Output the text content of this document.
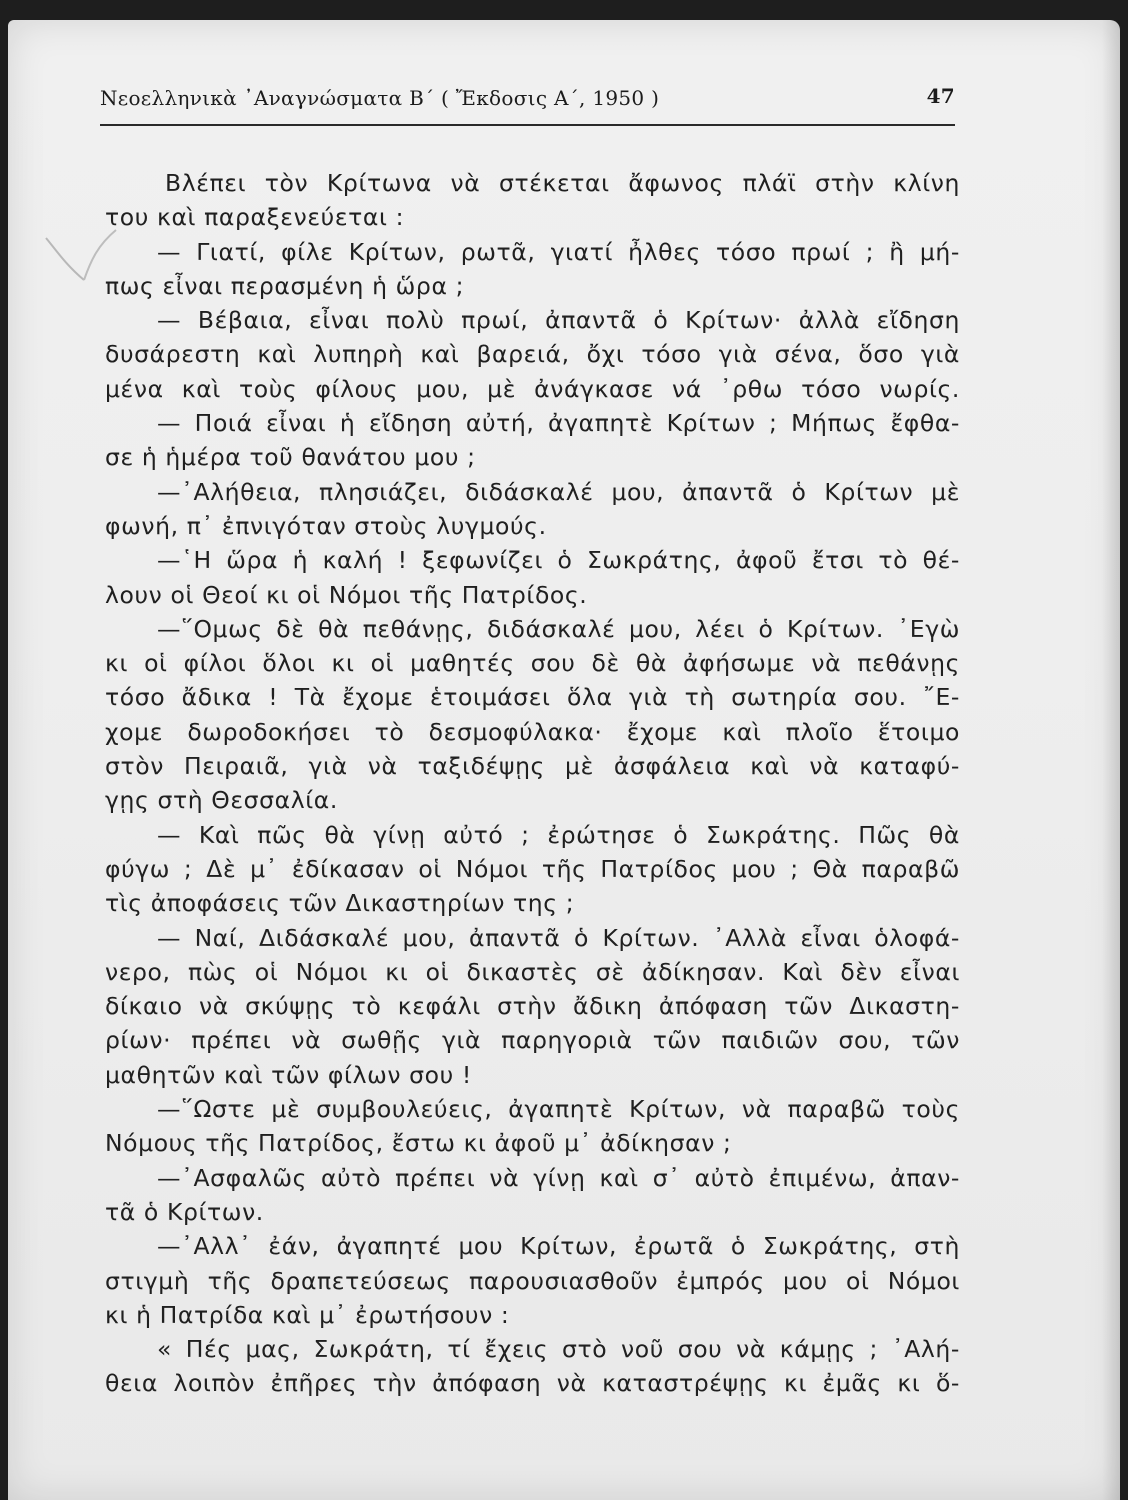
Νεοελληνικὰ ᾿Αναγνώσματα Β΄ ( Ἔκδοσις Α΄, 1950 )	47
Βλέπει τὸν Κρίτωνα νὰ στέκεται ἄφωνος πλάϊ στὴν κλίνη
του καὶ παραξενεύεται :
— Γιατί, φίλε Κρίτων, ρωτᾶ, γιατί ἦλθες τόσο πρωί ; ἢ μή-
πως εἶναι περασμένη ἡ ὥρα ;
— Βέβαια, εἶναι πολὺ πρωί, ἀπαντᾶ ὁ Κρίτων· ἀλλὰ εἴδηση
δυσάρεστη καὶ λυπηρὴ καὶ βαρειά, ὄχι τόσο γιὰ σένα, ὅσο γιὰ
μένα καὶ τοὺς φίλους μου, μὲ ἀνάγκασε νά ᾿ρθω τόσο νωρίς.
— Ποιά εἶναι ἡ εἴδηση αὐτή, ἀγαπητὲ Κρίτων ; Μήπως ἔφθα-
σε ἡ ἡμέρα τοῦ θανάτου μου ;
—᾿Αλήθεια, πλησιάζει, διδάσκαλέ μου, ἀπαντᾶ ὁ Κρίτων μὲ
φωνή, π᾿ ἐπνιγόταν στοὺς λυγμούς.
—῾Η ὥρα ἡ καλή ! ξεφωνίζει ὁ Σωκράτης, ἀφοῦ ἔτσι τὸ θέ-
λουν οἱ Θεοί κι οἱ Νόμοι τῆς Πατρίδος.
—῞Ομως δὲ θὰ πεθάνῃς, διδάσκαλέ μου, λέει ὁ Κρίτων. ᾿Εγὼ
κι οἱ φίλοι ὅλοι κι οἱ μαθητές σου δὲ θὰ ἀφήσωμε νὰ πεθάνῃς
τόσο ἄδικα ! Τὰ ἔχομε ἑτοιμάσει ὅλα γιὰ τὴ σωτηρία σου. ῎Ε-
χομε δωροδοκήσει τὸ δεσμοφύλακα· ἔχομε καὶ πλοῖο ἕτοιμο
στὸν Πειραιᾶ, γιὰ νὰ ταξιδέψῃς μὲ ἀσφάλεια καὶ νὰ καταφύ-
γῃς στὴ Θεσσαλία.
— Καὶ πῶς θὰ γίνῃ αὐτό ; ἐρώτησε ὁ Σωκράτης. Πῶς θὰ
φύγω ; Δὲ μ᾿ ἐδίκασαν οἱ Νόμοι τῆς Πατρίδος μου ; Θὰ παραβῶ
τὶς ἀποφάσεις τῶν Δικαστηρίων της ;
— Ναί, Διδάσκαλέ μου, ἀπαντᾶ ὁ Κρίτων. ᾿Αλλὰ εἶναι ὁλοφά-
νερο, πὼς οἱ Νόμοι κι οἱ δικαστὲς σὲ ἀδίκησαν. Καὶ δὲν εἶναι
δίκαιο νὰ σκύψῃς τὸ κεφάλι στὴν ἄδικη ἀπόφαση τῶν Δικαστη-
ρίων· πρέπει νὰ σωθῇς γιὰ παρηγοριὰ τῶν παιδιῶν σου, τῶν
μαθητῶν καὶ τῶν φίλων σου !
—῞Ωστε μὲ συμβουλεύεις, ἀγαπητὲ Κρίτων, νὰ παραβῶ τοὺς
Νόμους τῆς Πατρίδος, ἔστω κι ἀφοῦ μ᾿ ἀδίκησαν ;
—᾿Ασφαλῶς αὐτὸ πρέπει νὰ γίνῃ καὶ σ᾿ αὐτὸ ἐπιμένω, ἀπαν-
τᾶ ὁ Κρίτων.
—᾿Αλλ᾿ ἐάν, ἀγαπητέ μου Κρίτων, ἐρωτᾶ ὁ Σωκράτης, στὴ
στιγμὴ τῆς δραπετεύσεως παρουσιασθοῦν ἐμπρός μου οἱ Νόμοι
κι ἡ Πατρίδα καὶ μ᾿ ἐρωτήσουν :
« Πές μας, Σωκράτη, τί ἔχεις στὸ νοῦ σου νὰ κάμῃς ; ᾿Αλή-
θεια λοιπὸν ἐπῆρες τὴν ἀπόφαση νὰ καταστρέψῃς κι ἐμᾶς κι ὅ-
